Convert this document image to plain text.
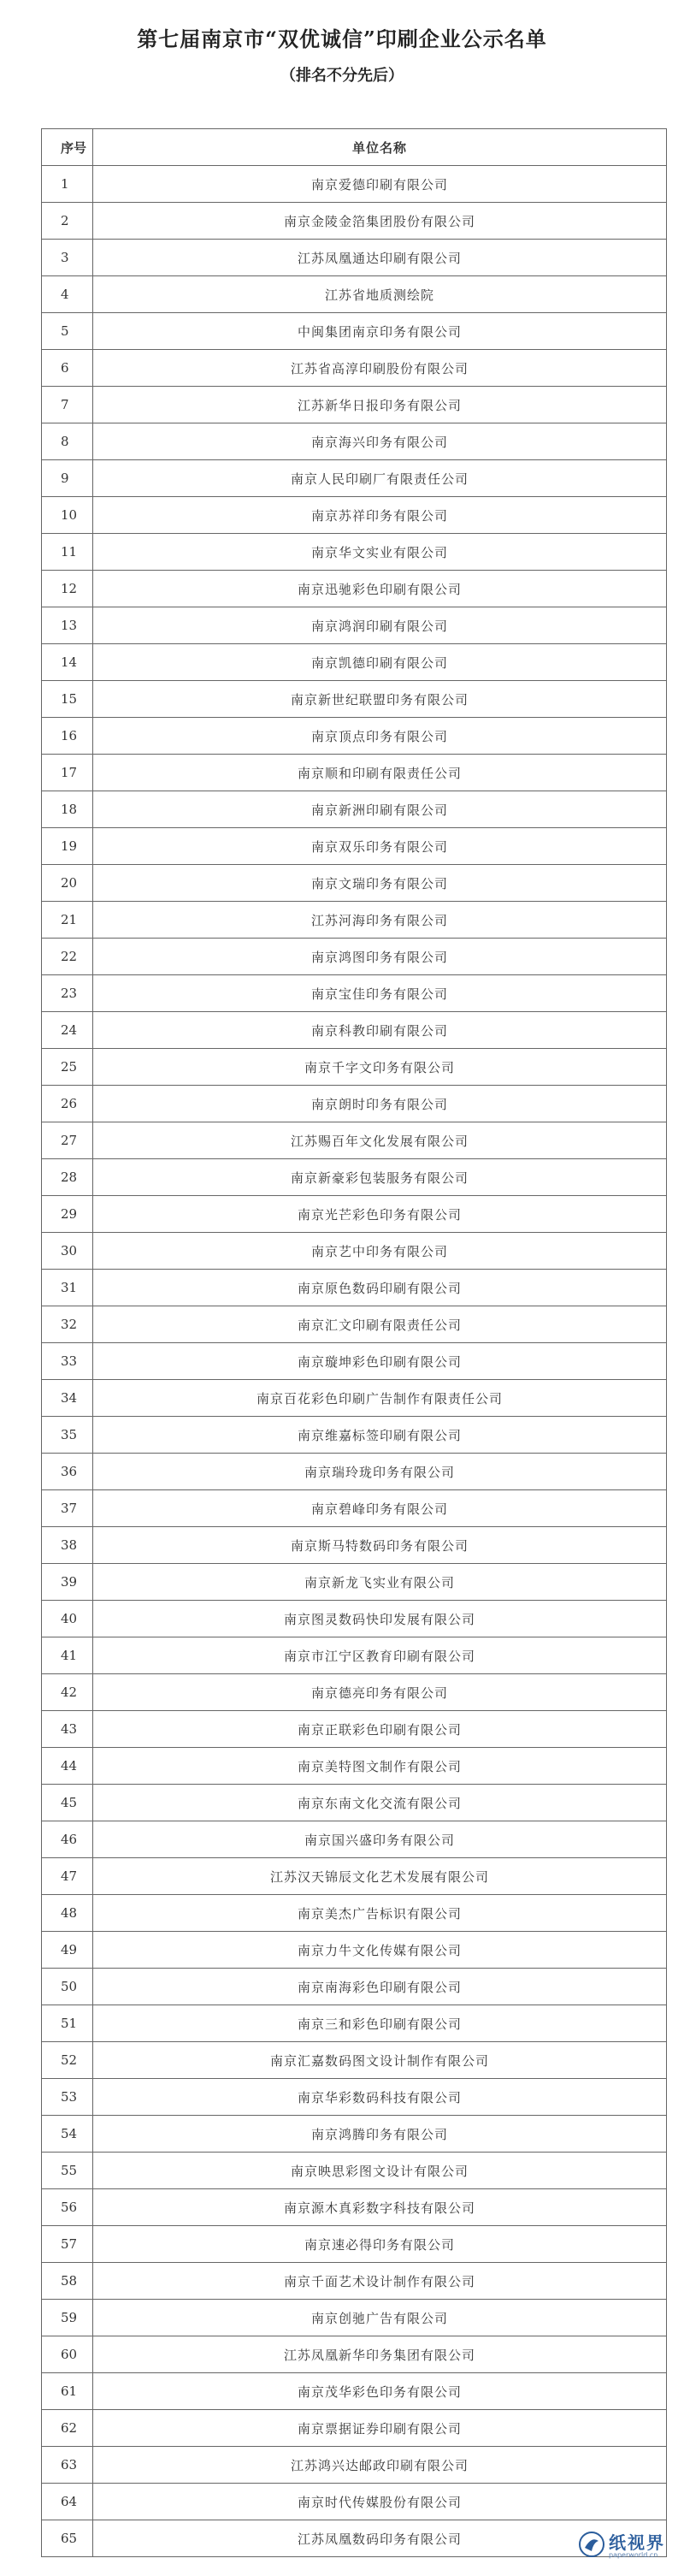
第七届南京市“双优诚信”印刷企业公示名单
（排名不分先后）
序号	单位名称
1	南京爱德印刷有限公司
2	南京金陵金箔集团股份有限公司
3	江苏凤凰通达印刷有限公司
4	江苏省地质测绘院
5	中闽集团南京印务有限公司
6	江苏省高淳印刷股份有限公司
7	江苏新华日报印务有限公司
8	南京海兴印务有限公司
9	南京人民印刷厂有限责任公司
10	南京苏祥印务有限公司
11	南京华文实业有限公司
12	南京迅驰彩色印刷有限公司
13	南京鸿润印刷有限公司
14	南京凯德印刷有限公司
15	南京新世纪联盟印务有限公司
16	南京顶点印务有限公司
17	南京顺和印刷有限责任公司
18	南京新洲印刷有限公司
19	南京双乐印务有限公司
20	南京文瑞印务有限公司
21	江苏河海印务有限公司
22	南京鸿图印务有限公司
23	南京宝佳印务有限公司
24	南京科教印刷有限公司
25	南京千字文印务有限公司
26	南京朗时印务有限公司
27	江苏赐百年文化发展有限公司
28	南京新豪彩包装服务有限公司
29	南京光芒彩色印务有限公司
30	南京艺中印务有限公司
31	南京原色数码印刷有限公司
32	南京汇文印刷有限责任公司
33	南京璇坤彩色印刷有限公司
34	南京百花彩色印刷广告制作有限责任公司
35	南京维嘉标签印刷有限公司
36	南京瑞玲珑印务有限公司
37	南京碧峰印务有限公司
38	南京斯马特数码印务有限公司
39	南京新龙飞实业有限公司
40	南京图灵数码快印发展有限公司
41	南京市江宁区教育印刷有限公司
42	南京德亮印务有限公司
43	南京正联彩色印刷有限公司
44	南京美特图文制作有限公司
45	南京东南文化交流有限公司
46	南京国兴盛印务有限公司
47	江苏汉天锦辰文化艺术发展有限公司
48	南京美杰广告标识有限公司
49	南京力牛文化传媒有限公司
50	南京南海彩色印刷有限公司
51	南京三和彩色印刷有限公司
52	南京汇嘉数码图文设计制作有限公司
53	南京华彩数码科技有限公司
54	南京鸿腾印务有限公司
55	南京映思彩图文设计有限公司
56	南京源木真彩数字科技有限公司
57	南京速必得印务有限公司
58	南京千面艺术设计制作有限公司
59	南京创驰广告有限公司
60	江苏凤凰新华印务集团有限公司
61	南京茂华彩色印务有限公司
62	南京票据证券印刷有限公司
63	江苏鸿兴达邮政印刷有限公司
64	南京时代传媒股份有限公司
65	江苏凤凰数码印务有限公司	纸视界
paperworld.cn
